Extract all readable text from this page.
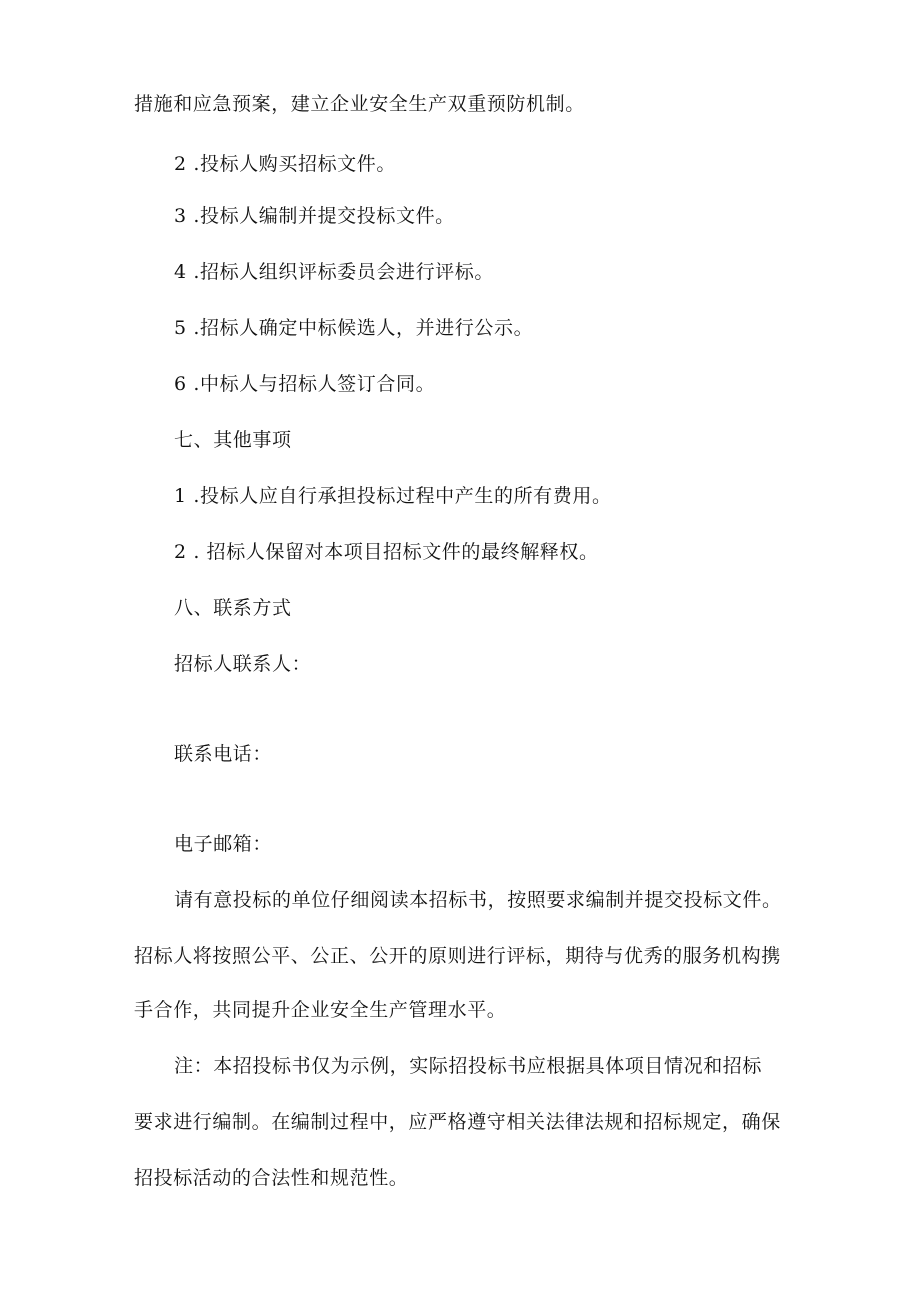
措施和应急预案，建立企业安全生产双重预防机制。
2 .投标人购买招标文件。
3 .投标人编制并提交投标文件。
4 .招标人组织评标委员会进行评标。
5 .招标人确定中标候选人，并进行公示。
6 .中标人与招标人签订合同。
七、其他事项
1 .投标人应自行承担投标过程中产生的所有费用。
2 . 招标人保留对本项目招标文件的最终解释权。
八、联系方式
招标人联系人：
联系电话：
电子邮箱：
请有意投标的单位仔细阅读本招标书，按照要求编制并提交投标文件。
招标人将按照公平、公正、公开的原则进行评标，期待与优秀的服务机构携
手合作，共同提升企业安全生产管理水平。
注：本招投标书仅为示例，实际招投标书应根据具体项目情况和招标
要求进行编制。在编制过程中，应严格遵守相关法律法规和招标规定，确保
招投标活动的合法性和规范性。
